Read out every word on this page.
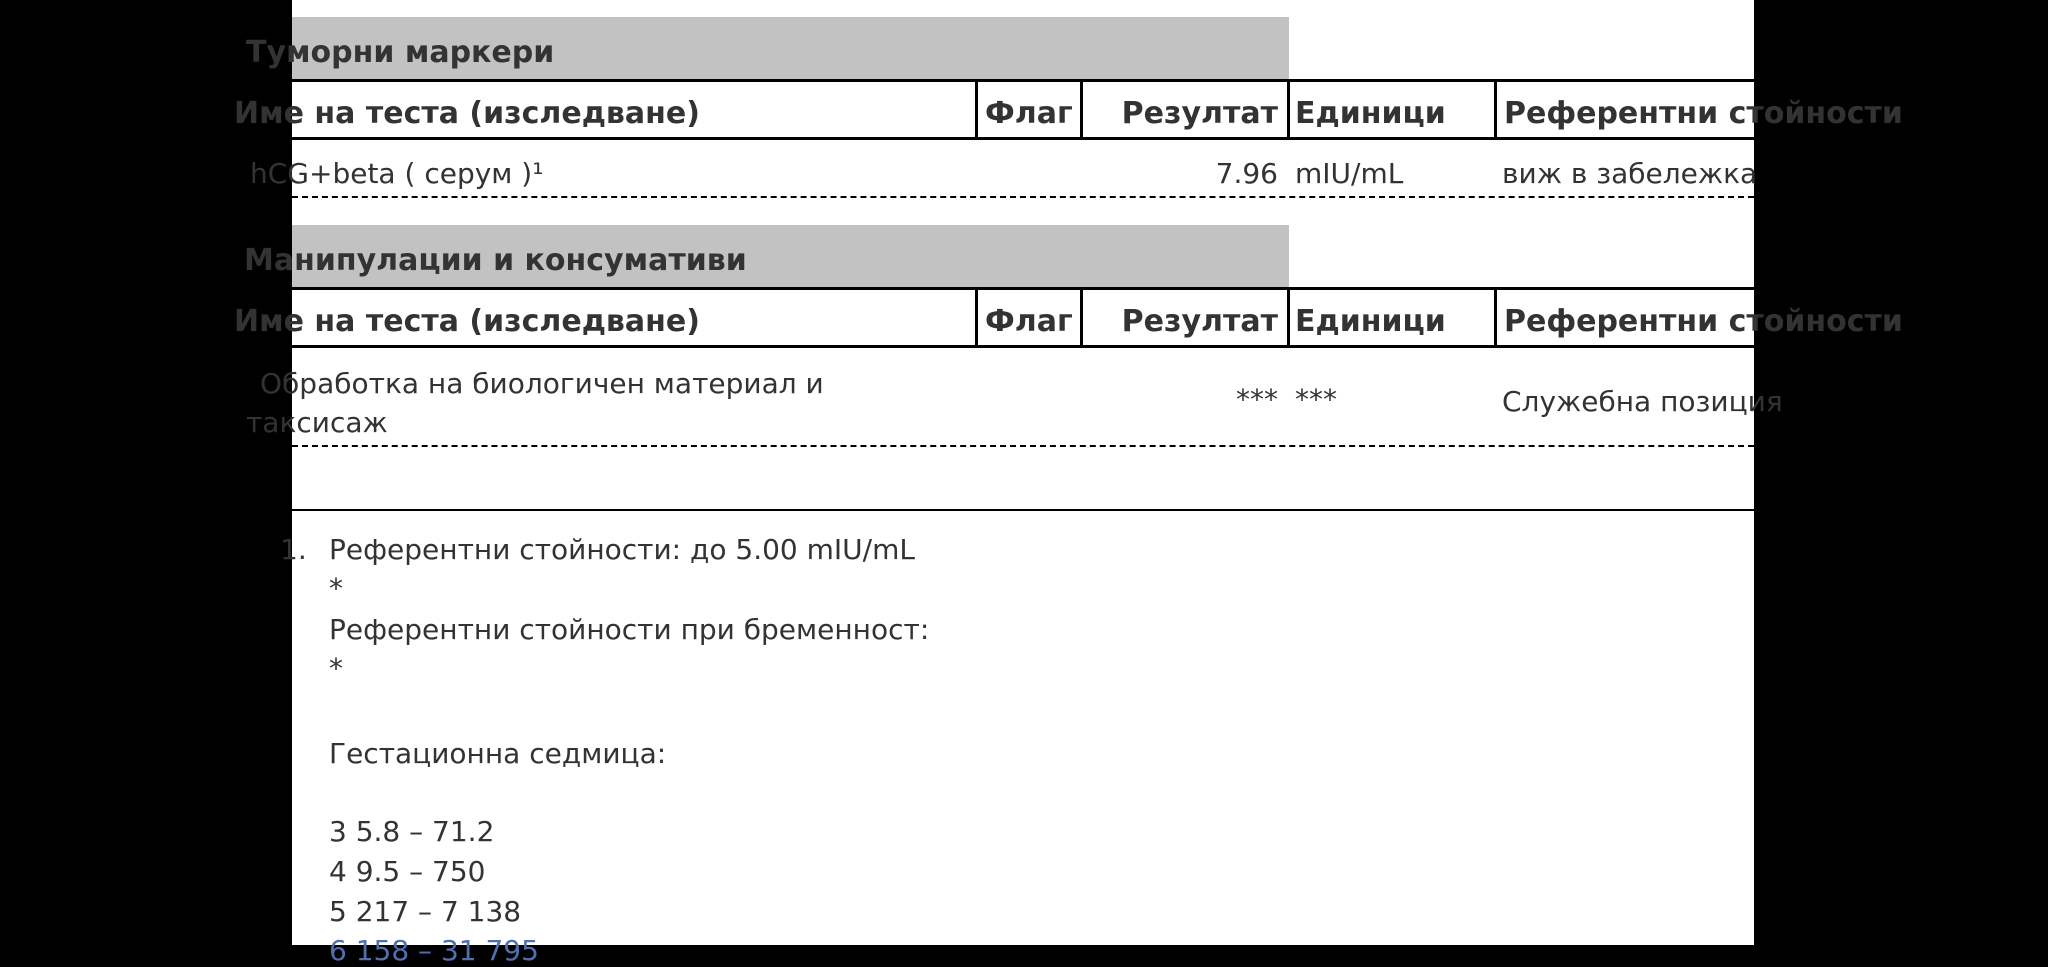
Туморни маркери
Име на теста (изследване)	Флаг	Резултат Единици Референтни стойности
hCG+beta ( серум )¹	7.96 mIU/mL	виж в забележка
Манипулации и консумативи
Име на теста (изследване)	Флаг	Резултат Единици Референтни стойности
Обработка на биологичен материал и
таксисаж
*** ***	Служебна позиция
1. Референтни стойности: до 5.00 mIU/mL
*
Референтни стойности при бременност:
*
Гестационна седмица:
3 5.8 – 71.2
4 9.5 – 750
5 217 – 7 138
6 158 – 31 795
